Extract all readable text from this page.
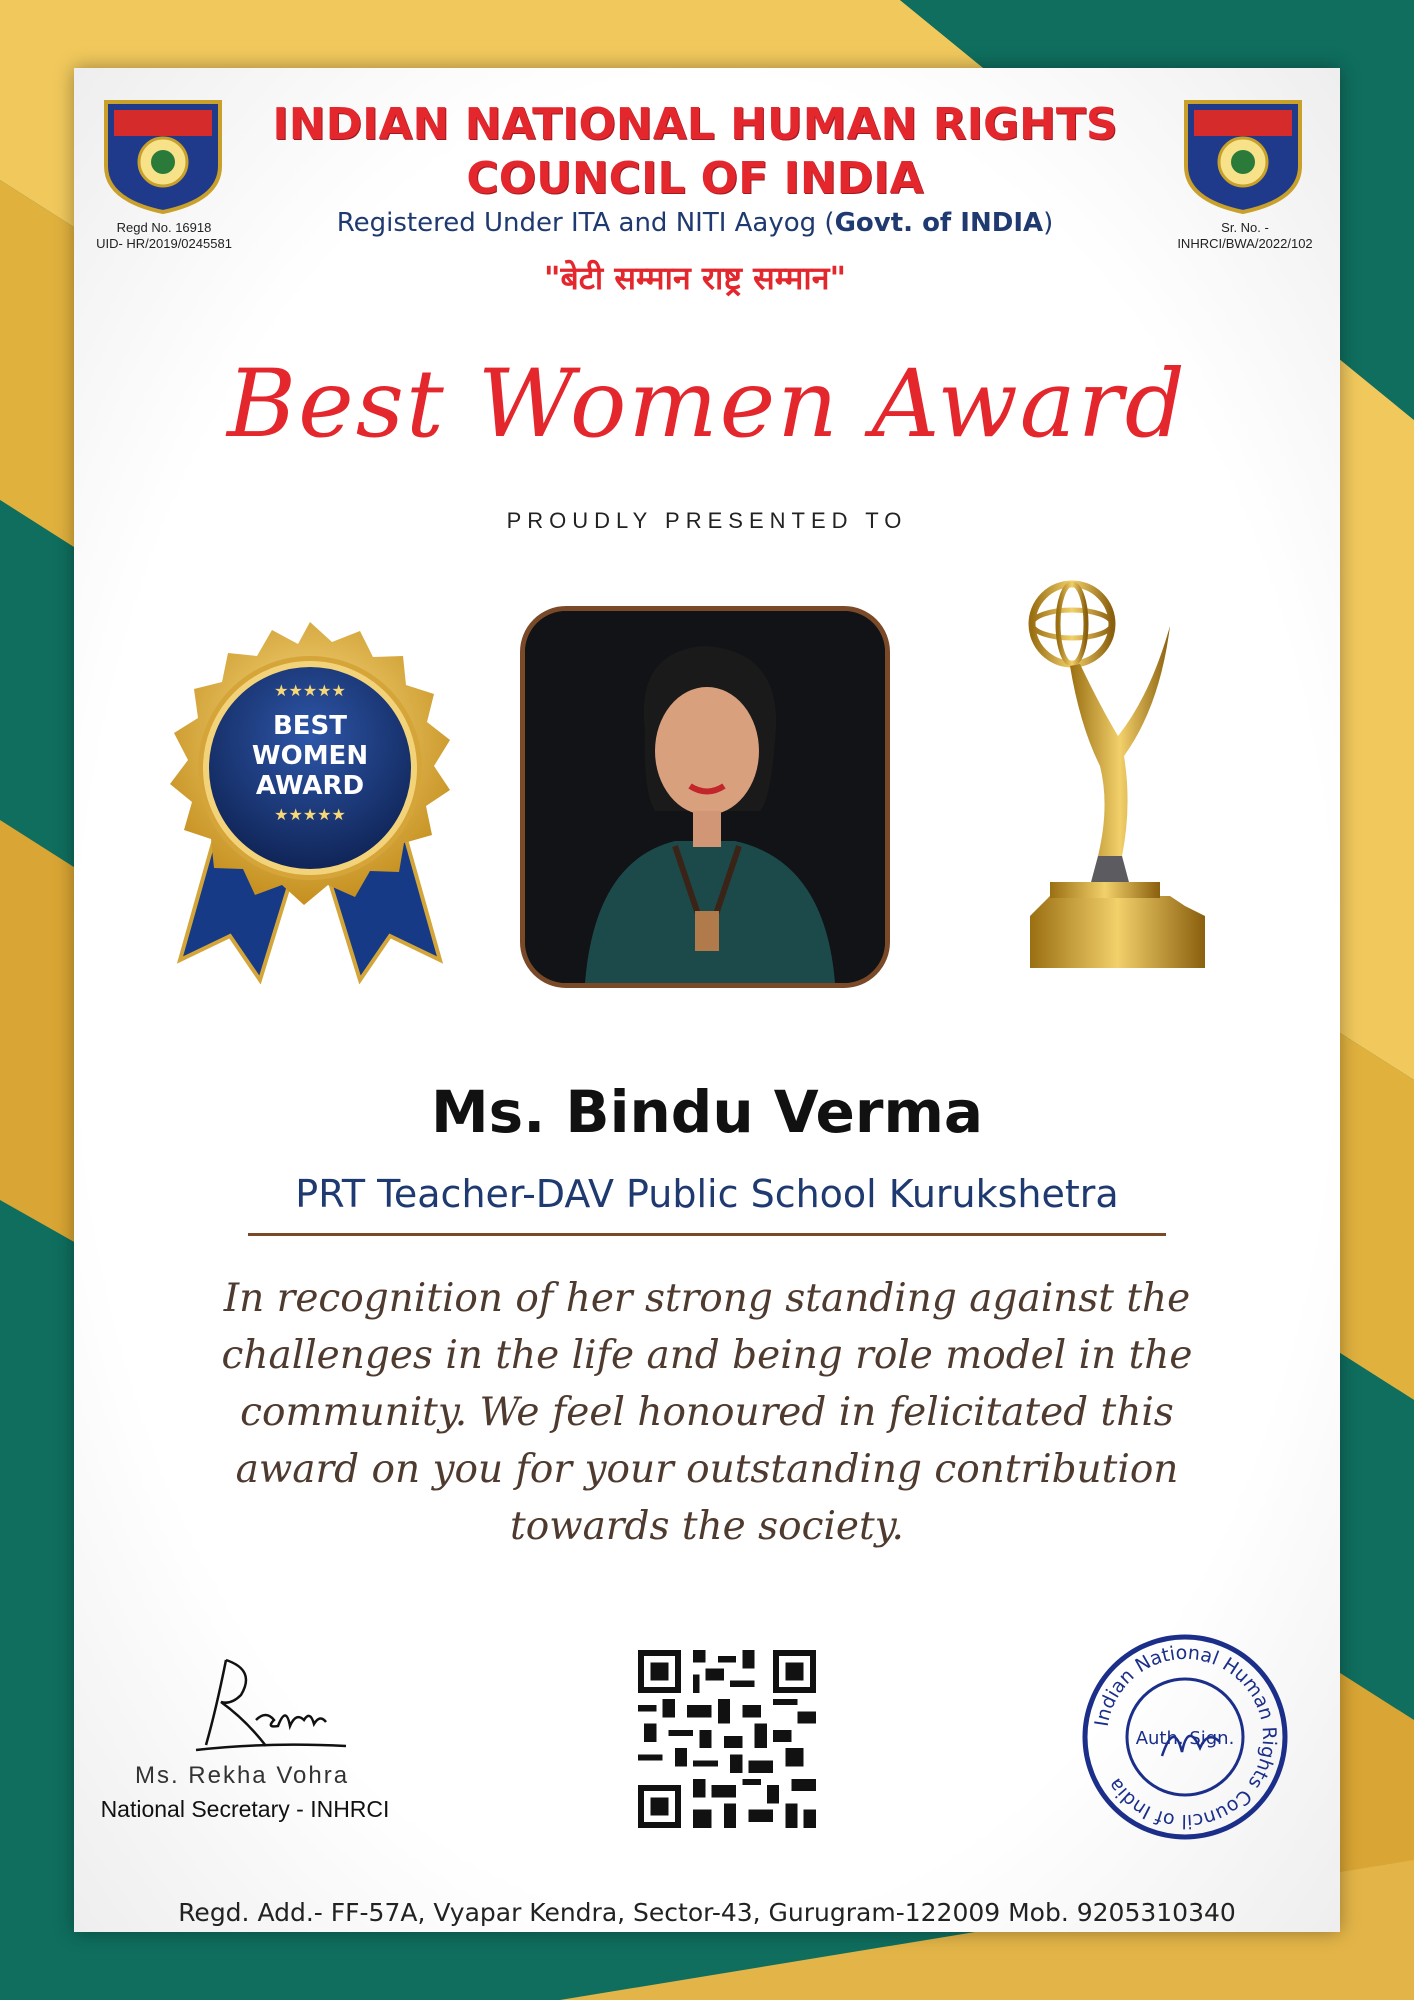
Regd No. 16918
UID- HR/2019/0245581
Sr. No. -
INHRCI/BWA/2022/102
INDIAN NATIONAL HUMAN RIGHTS
COUNCIL OF INDIA
Registered Under ITA and NITI Aayog (Govt. of INDIA)
"बेटी सम्मान राष्ट्र सम्मान"
Best Women Award
PROUDLY PRESENTED TO
★★★★★
BEST
WOMEN
AWARD
★★★★★
Ms. Bindu Verma
PRT Teacher-DAV Public School Kurukshetra
In recognition of her strong standing against the
challenges in the life and being role model in the
community. We feel honoured in felicitated this
award on you for your outstanding contribution
towards the society.
Ms. Rekha Vohra
National Secretary - INHRCI
Indian National Human Rights Council of India
Auth. Sign.
Regd. Add.- FF-57A, Vyapar Kendra, Sector-43, Gurugram-122009 Mob. 9205310340
